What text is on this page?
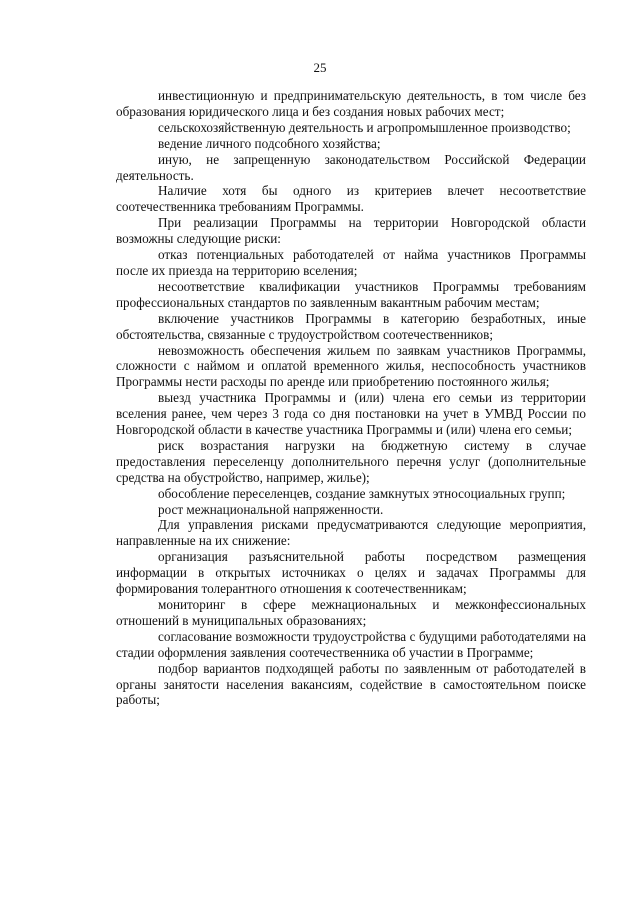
25

инвестиционную и предпринимательскую деятельность, в том числе без образования юридического лица и без создания новых рабочих мест;

сельскохозяйственную деятельность и агропромышленное производство;

ведение личного подсобного хозяйства;

иную, не запрещенную законодательством Российской Федерации деятельность.

Наличие хотя бы одного из критериев влечет несоответствие соотечественника требованиям Программы.

При реализации Программы на территории Новгородской области возможны следующие риски:

отказ потенциальных работодателей от найма участников Программы после их приезда на территорию вселения;

несоответствие квалификации участников Программы требованиям профессиональных стандартов по заявленным вакантным рабочим местам;

включение участников Программы в категорию безработных, иные обстоятельства, связанные с трудоустройством соотечественников;

невозможность обеспечения жильем по заявкам участников Программы, сложности с наймом и оплатой временного жилья, неспособность участников Программы нести расходы по аренде или приобретению постоянного жилья;

выезд участника Программы и (или) члена его семьи из территории вселения ранее, чем через 3 года со дня постановки на учет в УМВД России по Новгородской области в качестве участника Программы и (или) члена его семьи;

риск возрастания нагрузки на бюджетную систему в случае предоставления переселенцу дополнительного перечня услуг (дополнительные средства на обустройство, например, жилье);

обособление переселенцев, создание замкнутых этносоциальных групп;

рост межнациональной напряженности.

Для управления рисками предусматриваются следующие мероприятия, направленные на их снижение:

организация разъяснительной работы посредством размещения информации в открытых источниках о целях и задачах Программы для формирования толерантного отношения к соотечественникам;

мониторинг в сфере межнациональных и межконфессиональных отношений в муниципальных образованиях;

согласование возможности трудоустройства с будущими работодателями на стадии оформления заявления соотечественника об участии в Программе;

подбор вариантов подходящей работы по заявленным от работодателей в органы занятости населения вакансиям, содействие в самостоятельном поиске работы;
